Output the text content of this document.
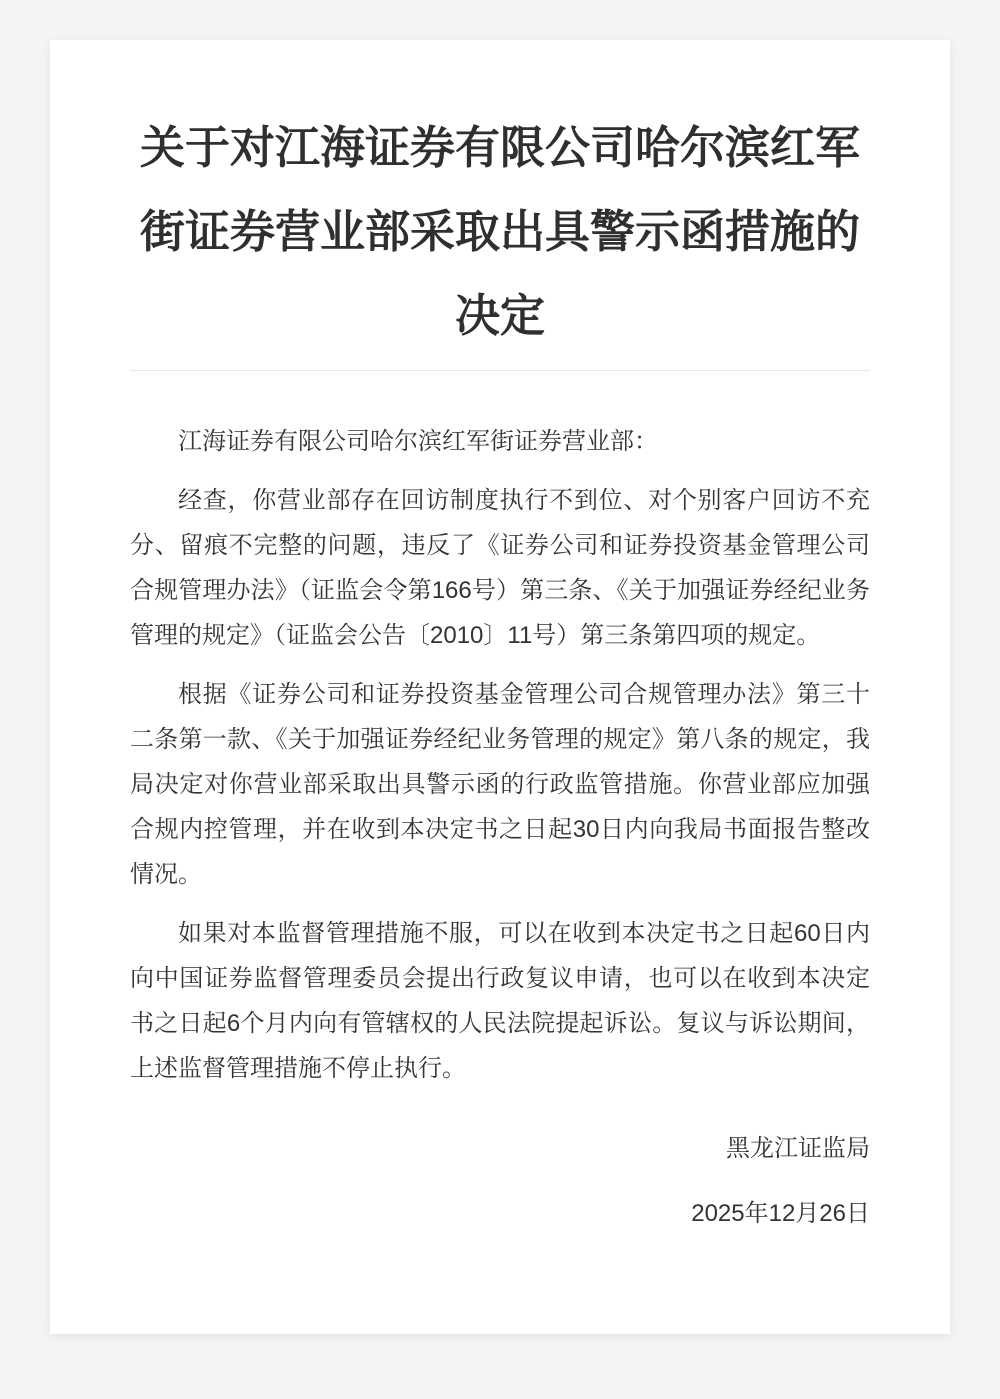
关于对江海证券有限公司哈尔滨红军街证券营业部采取出具警示函措施的决定

江海证券有限公司哈尔滨红军街证券营业部：

经查，你营业部存在回访制度执行不到位、对个别客户回访不充分、留痕不完整的问题，违反了《证券公司和证券投资基金管理公司合规管理办法》（证监会令第166号）第三条、《关于加强证券经纪业务管理的规定》（证监会公告〔2010〕11号）第三条第四项的规定。

根据《证券公司和证券投资基金管理公司合规管理办法》第三十二条第一款、《关于加强证券经纪业务管理的规定》第八条的规定，我局决定对你营业部采取出具警示函的行政监管措施。你营业部应加强合规内控管理，并在收到本决定书之日起30日内向我局书面报告整改情况。

如果对本监督管理措施不服，可以在收到本决定书之日起60日内向中国证券监督管理委员会提出行政复议申请，也可以在收到本决定书之日起6个月内向有管辖权的人民法院提起诉讼。复议与诉讼期间，上述监督管理措施不停止执行。

黑龙江证监局

2025年12月26日
